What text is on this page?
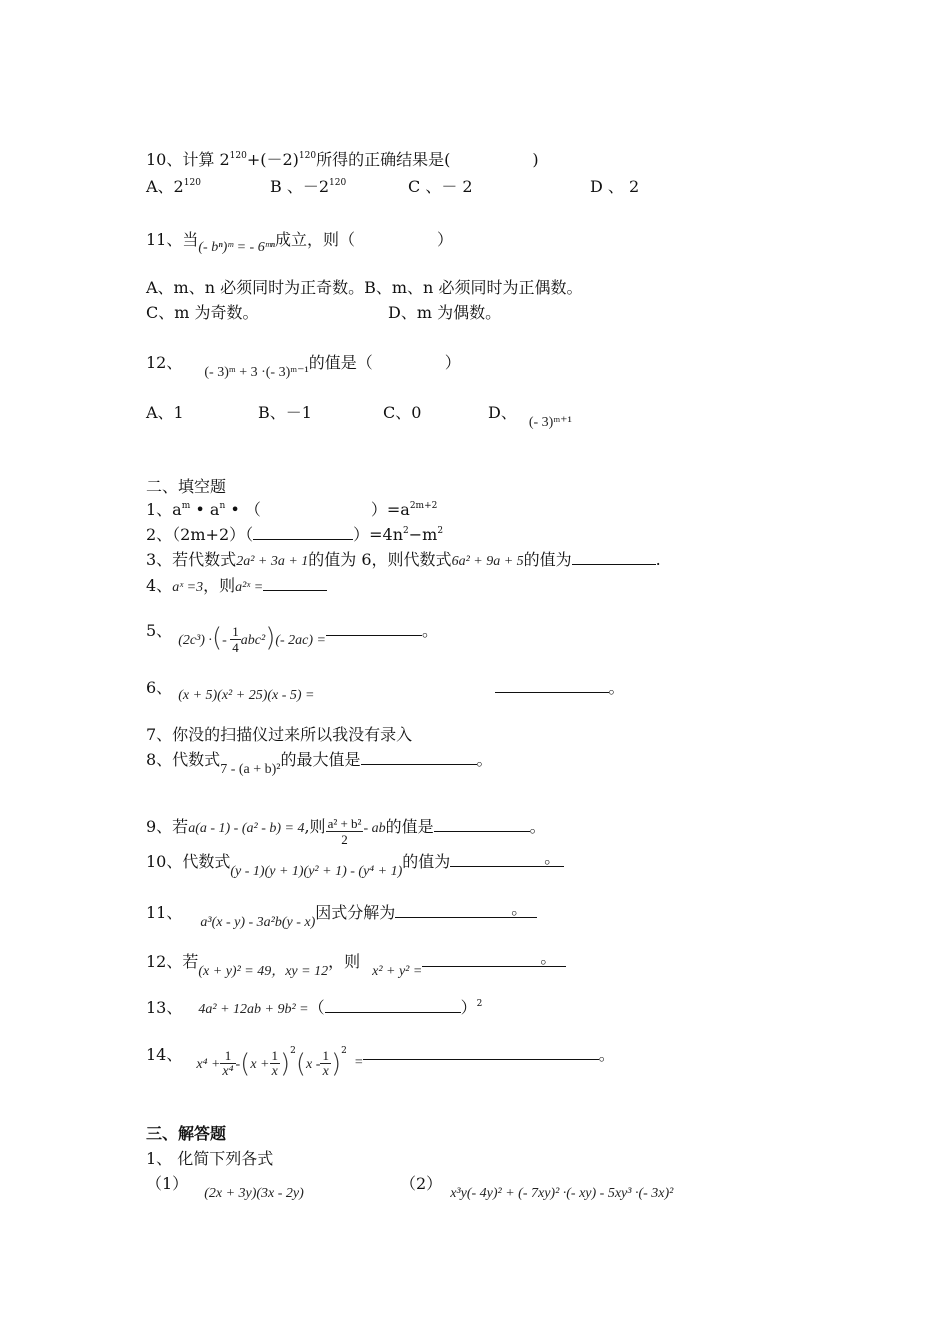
10、计算 $2^{120}+(-2)^{120}$所得的正确结果是(	)
A、$2^{120}$	B 、$-2^{120}$	C 、－ 2	D 、 2
11、当(- bⁿ)ᵐ = - 6ᵐⁿ成立，则（	）
A、m、n 必须同时为正奇数。B、m、n 必须同时为正偶数。
C、m 为奇数。	D、m 为偶数。
12、(- 3)ᵐ + 3 ·(- 3)ᵐ⁻¹的值是（	）
A、1	B、－1	C、0	D、(- 3)ᵐ⁺¹
二、填空题
1、$a^m$ • $a^n$ • （	）$=a^{2m+2}$
2、（2m+2）（	）$=4n^2-m^2$
3、若代数式2a² + 3a + 1的值为 6，则代数式6a² + 9a + 5的值为	.
4、aˣ =3，则a²ˣ =
5、(2c³) ·(- $\frac{1}{4} abc^2)(-$ 2ac) =。
6、 (x + 5)(x² + 25)(x - 5) =	。
7、你没的扫描仪过来所以我没有录入
8、代数式7 - (a + b)²的最大值是	。
9、若a(a - 1) - (a² - b) = 4,则 $\frac{\text{a² + b²}}{2}$ - ab的值是	。
10、代数式(y - 1)(y + 1)(y² + 1) - (y⁴ + 1)的值为	。
11、a³(x - y) - 3a²b(y - x)因式分解为	。
12、若(x + y)² = 49，xy = 12，则x² + y² =
。
13、 4a² + 12ab + 9b² =（	）$^2$
14、$x^4 + \frac{1}{\text{x⁴}} -(x + \frac{1}{x} )^2(x - \frac{1}{x} )^2=$	。
三、解答题
1、 化简下列各式
（1）(2x + 3y)(3x - 2y)
（2）x³y(- 4y)² + (- 7xy)² ·(- xy) - 5xy³ ·(- 3x)²
